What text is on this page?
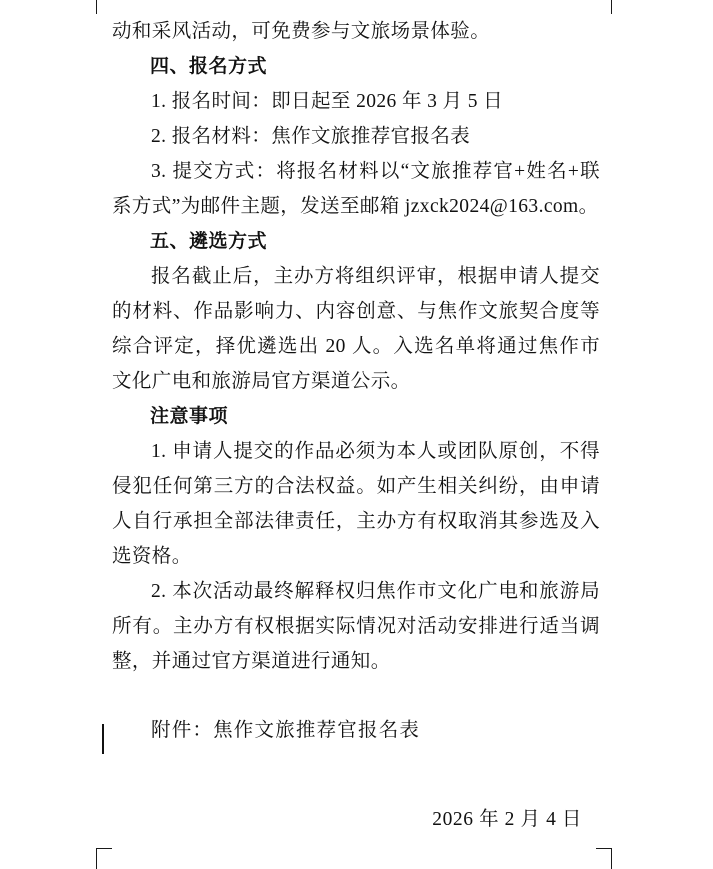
动和采风活动，可免费参与文旅场景体验。

四、报名方式

1. 报名时间：即日起至 2026 年 3 月 5 日

2. 报名材料：焦作文旅推荐官报名表

3. 提交方式：将报名材料以“文旅推荐官+姓名+联系方式”为邮件主题，发送至邮箱 jzxck2024@163.com。

五、遴选方式

报名截止后，主办方将组织评审，根据申请人提交的材料、作品影响力、内容创意、与焦作文旅契合度等综合评定，择优遴选出 20 人。入选名单将通过焦作市文化广电和旅游局官方渠道公示。

注意事项

1. 申请人提交的作品必须为本人或团队原创，不得侵犯任何第三方的合法权益。如产生相关纠纷，由申请人自行承担全部法律责任，主办方有权取消其参选及入选资格。

2. 本次活动最终解释权归焦作市文化广电和旅游局所有。主办方有权根据实际情况对活动安排进行适当调整，并通过官方渠道进行通知。

附件：焦作文旅推荐官报名表

2026 年 2 月 4 日
